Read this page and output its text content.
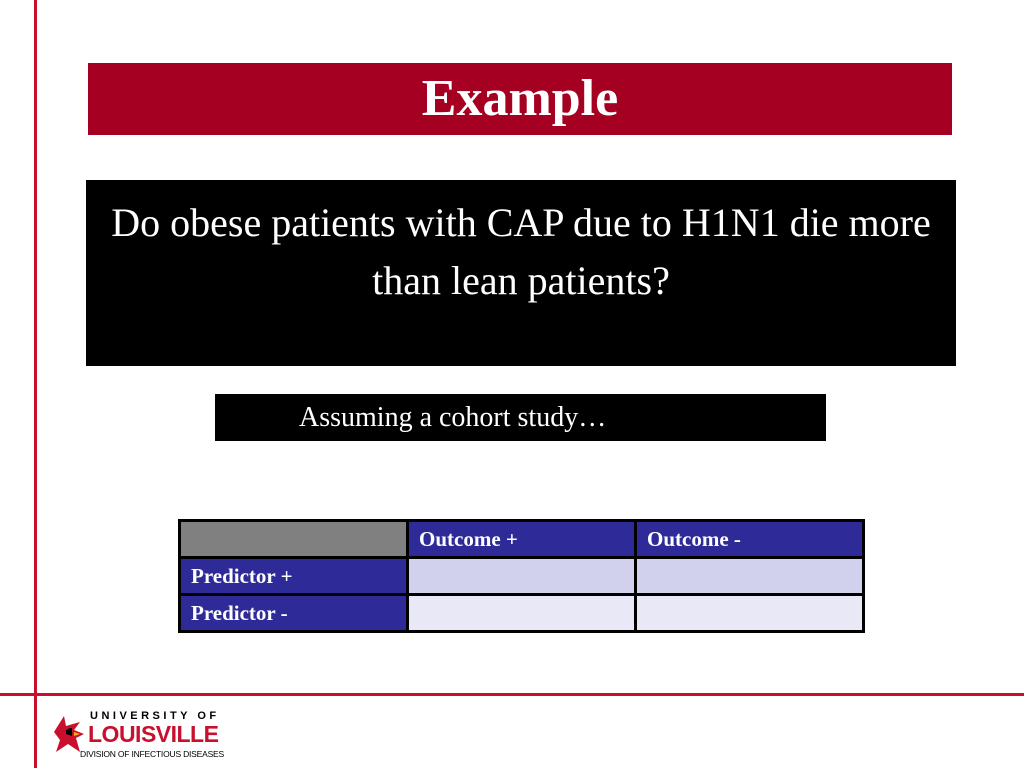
Example

Do obese patients with CAP due to H1N1 die more than lean patients?

Assuming a cohort study…
	Outcome +	Outcome -
Predictor +		
Predictor -		
UNIVERSITY OF
LOUISVILLE
DIVISION OF INFECTIOUS DISEASES
